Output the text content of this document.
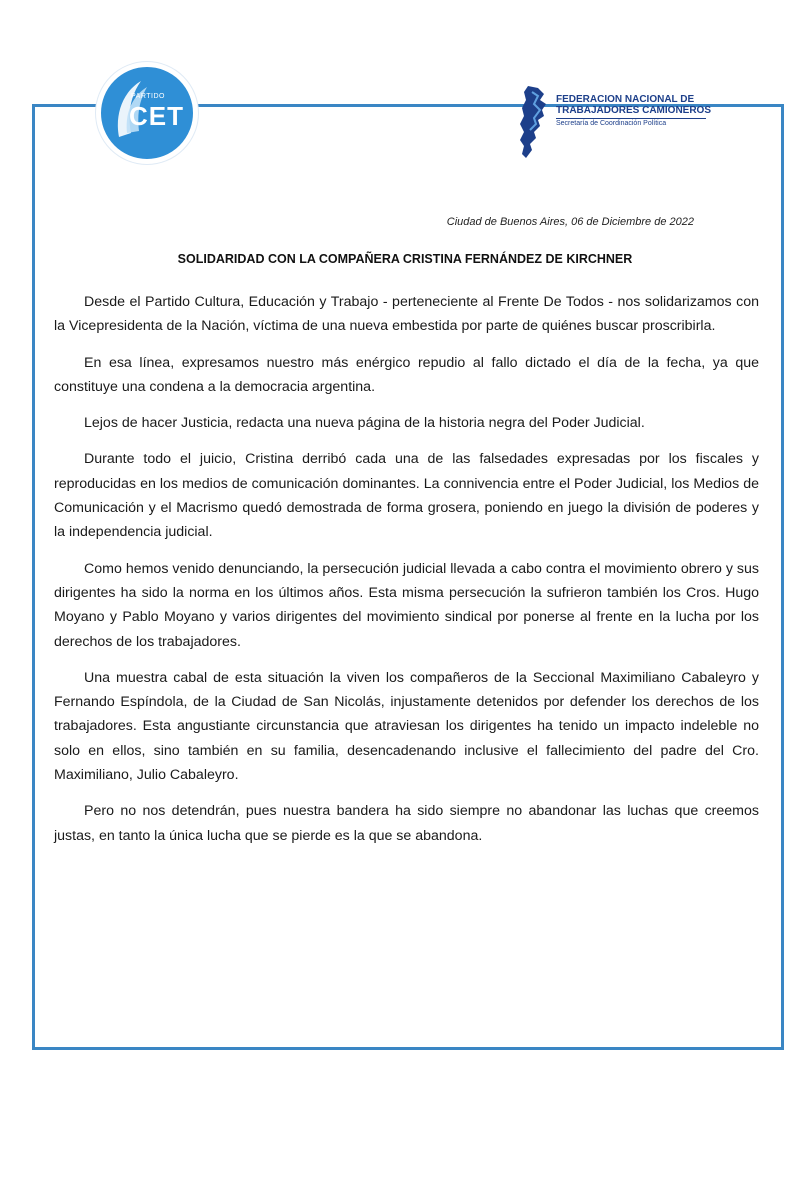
PARTIDO
CET
FEDERACION NACIONAL DE
TRABAJADORES CAMIONEROS
Secretaría de Coordinación Política
Ciudad de Buenos Aires, 06 de Diciembre de 2022
SOLIDARIDAD CON LA COMPAÑERA CRISTINA FERNÁNDEZ DE KIRCHNER

Desde el Partido Cultura, Educación y Trabajo - perteneciente al Frente De Todos - nos solidarizamos con la Vicepresidenta de la Nación, víctima de una nueva embestida por parte de quiénes buscar proscribirla.

En esa línea, expresamos nuestro más enérgico repudio al fallo dictado el día de la fecha, ya que constituye una condena a la democracia argentina.

Lejos de hacer Justicia, redacta una nueva página de la historia negra del Poder Judicial.

Durante todo el juicio, Cristina derribó cada una de las falsedades expresadas por los fiscales y reproducidas en los medios de comunicación dominantes. La connivencia entre el Poder Judicial, los Medios de Comunicación y el Macrismo quedó demostrada de forma grosera, poniendo en juego la división de poderes y la independencia judicial.

Como hemos venido denunciando, la persecución judicial llevada a cabo contra el movimiento obrero y sus dirigentes ha sido la norma en los últimos años. Esta misma persecución la sufrieron también los Cros. Hugo Moyano y Pablo Moyano y varios dirigentes del movimiento sindical por ponerse al frente en la lucha por los derechos de los trabajadores.

Una muestra cabal de esta situación la viven los compañeros de la Seccional Maximiliano Cabaleyro y Fernando Espíndola, de la Ciudad de San Nicolás, injustamente detenidos por defender los derechos de los trabajadores. Esta angustiante circunstancia que atraviesan los dirigentes ha tenido un impacto indeleble no solo en ellos, sino también en su familia, desencadenando inclusive el fallecimiento del padre del Cro. Maximiliano, Julio Cabaleyro.

Pero no nos detendrán, pues nuestra bandera ha sido siempre no abandonar las luchas que creemos justas, en tanto la única lucha que se pierde es la que se abandona.
